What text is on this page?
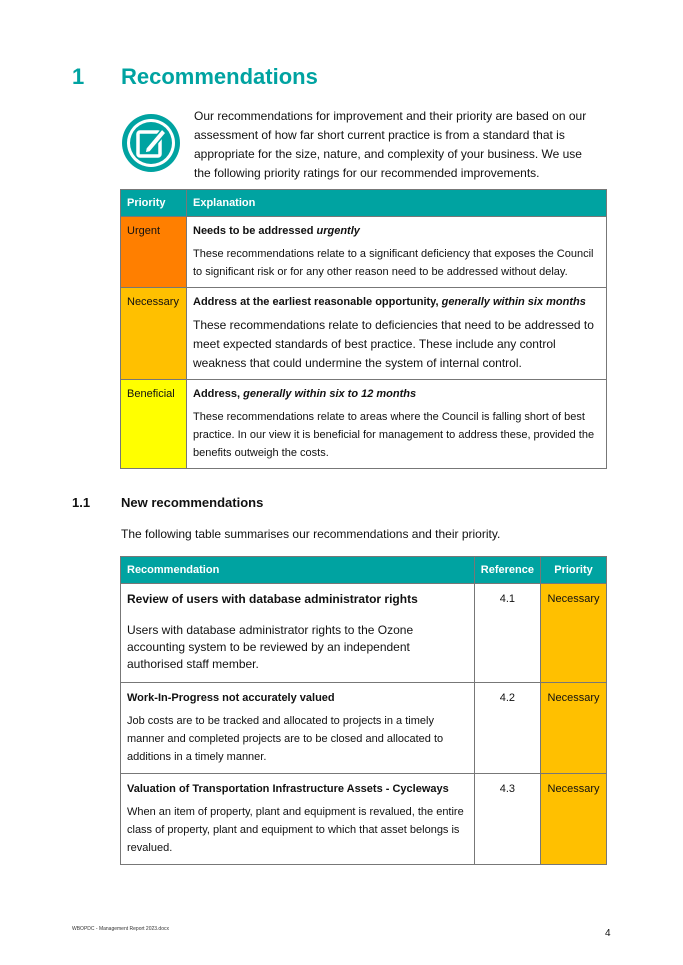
1 Recommendations
Our recommendations for improvement and their priority are based on our assessment of how far short current practice is from a standard that is appropriate for the size, nature, and complexity of your business. We use the following priority ratings for our recommended improvements.
Priority	Explanation
Urgent	Needs to be addressed urgently
These recommendations relate to a significant deficiency that exposes the Council to significant risk or for any other reason need to be addressed without delay.

Necessary	Address at the earliest reasonable opportunity, generally within six months
These recommendations relate to deficiencies that need to be addressed to meet expected standards of best practice. These include any control weakness that could undermine the system of internal control.

Beneficial	Address, generally within six to 12 months
These recommendations relate to areas where the Council is falling short of best practice. In our view it is beneficial for management to address these, provided the benefits outweigh the costs.
1.1 New recommendations
The following table summarises our recommendations and their priority.
Recommendation	Reference	Priority

Review of users with database administrator rights
Users with database administrator rights to the Ozone accounting system to be reviewed by an independent authorised staff member.	4.1	Necessary

Work-In-Progress not accurately valued
Job costs are to be tracked and allocated to projects in a timely manner and completed projects are to be closed and allocated to additions in a timely manner.	4.2	Necessary

Valuation of Transportation Infrastructure Assets - Cycleways
When an item of property, plant and equipment is revalued, the entire class of property, plant and equipment to which that asset belongs is revalued.	4.3	Necessary
WBOPDC - Management Report 2023.docx	4
